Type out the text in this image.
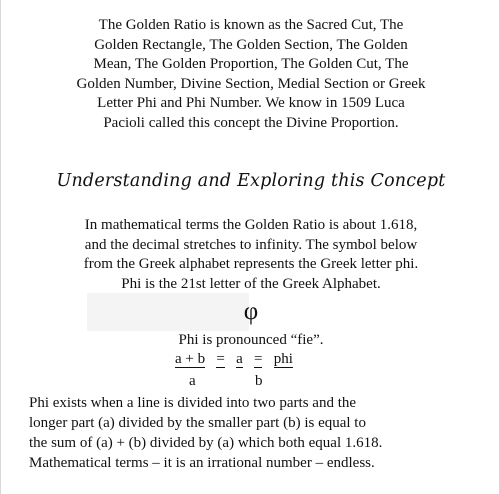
The Golden Ratio is known as the Sacred Cut, The
Golden Rectangle, The Golden Section, The Golden
Mean, The Golden Proportion, The Golden Cut, The
Golden Number, Divine Section, Medial Section or Greek
Letter Phi and Phi Number. We know in 1509 Luca
Pacioli called this concept the Divine Proportion.
Understanding and Exploring this Concept
In mathematical terms the Golden Ratio is about 1.618,
and the decimal stretches to infinity. The symbol below
from the Greek alphabet represents the Greek letter phi.
Phi is the 21st letter of the Greek Alphabet.
φ
Phi is pronounced “fie”.
a + b = a = phi
a	b
Phi exists when a line is divided into two parts and the
longer part (a) divided by the smaller part (b) is equal to
the sum of (a) + (b) divided by (a) which both equal 1.618.
Mathematical terms – it is an irrational number – endless.
